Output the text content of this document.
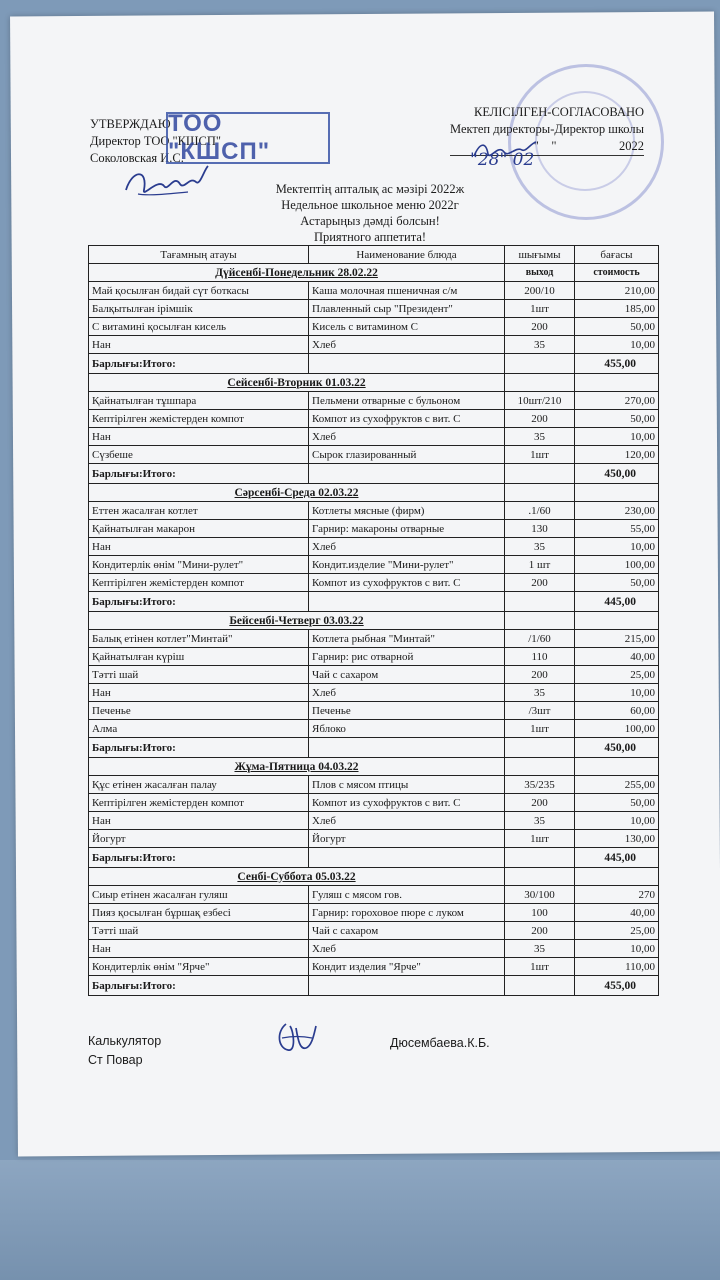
УТВЕРЖДАЮ
Директор ТОО "КШСП"
Соколовская И.С.
ТОО "КШСП"
КЕЛІСІЛГЕН-СОГЛАСОВАНО
Мектеп директоры-Директор школы
"    "                    2022
"28" 02
Мектептің апталық ас мәзірі 2022ж
Недельное школьное меню 2022г
Астарыңыз дәмді болсын!
Приятного аппетита!
Тағамның атауы	Наименование блюда	шығымы	бағасы
Дүйсенбі-Понедельник 28.02.22		выход	стоимость
Май қосылған бидай сүт боткасы	Каша молочная пшеничная с/м	200/10	210,00
Балқытылған ірімшік	Плавленный сыр "Президент"	1шт	185,00
С витамині қосылған кисель	Кисель с витамином С	200	50,00
Нан	Хлеб	35	10,00
Барлығы:Итого:			455,00
Сейсенбі-Вторник 01.03.22			
Қайнатылған тұшпара	Пельмени отварные с бульоном	10шт/210	270,00
Кептірілген жемістерден компот	Компот из сухофруктов с вит. С	200	50,00
Нан	Хлеб	35	10,00
Сүзбеше	Сырок глазированный	1шт	120,00
Барлығы:Итого:			450,00
Сәрсенбі-Среда 02.03.22			
Еттен жасалған котлет	Котлеты мясные (фирм)	.1/60	230,00
Қайнатылған макарон	Гарнир: макароны отварные	130	55,00
Нан	Хлеб	35	10,00
Кондитерлік өнім "Мини-рулет"	Кондит.изделие "Мини-рулет"	1 шт	100,00
Кептірілген жемістерден компот	Компот из сухофруктов с вит. С	200	50,00
Барлығы:Итого:			445,00
Бейсенбі-Четверг 03.03.22			
Балық етінен котлет"Минтай"	Котлета рыбная "Минтай"	/1/60	215,00
Қайнатылған күріш	Гарнир: рис отварной	110	40,00
Тәтті шай	Чай с сахаром	200	25,00
Нан	Хлеб	35	10,00
Печенье	Печенье	/3шт	60,00
Алма	Яблоко	1шт	100,00
Барлығы:Итого:			450,00
Жұма-Пятница 04.03.22			
Құс етінен жасалған палау	Плов с мясом птицы	35/235	255,00
Кептірілген жемістерден компот	Компот из сухофруктов с вит. С	200	50,00
Нан	Хлеб	35	10,00
Йогурт	Йогурт	1шт	130,00
Барлығы:Итого:			445,00
Сенбі-Суббота 05.03.22			
Сиыр етінен жасалған гуляш	Гуляш с мясом гов.	30/100	270
Пияз қосылған бұршақ езбесі	Гарнир: гороховое пюре с луком	100	40,00
Тәтті шай	Чай с сахаром	200	25,00
Нан	Хлеб	35	10,00
Кондитерлік өнім "Ярче"	Кондит изделия "Ярче"	1шт	110,00
Барлығы:Итого:			455,00
Калькулятор
Ст Повар
Дюсембаева.К.Б.
